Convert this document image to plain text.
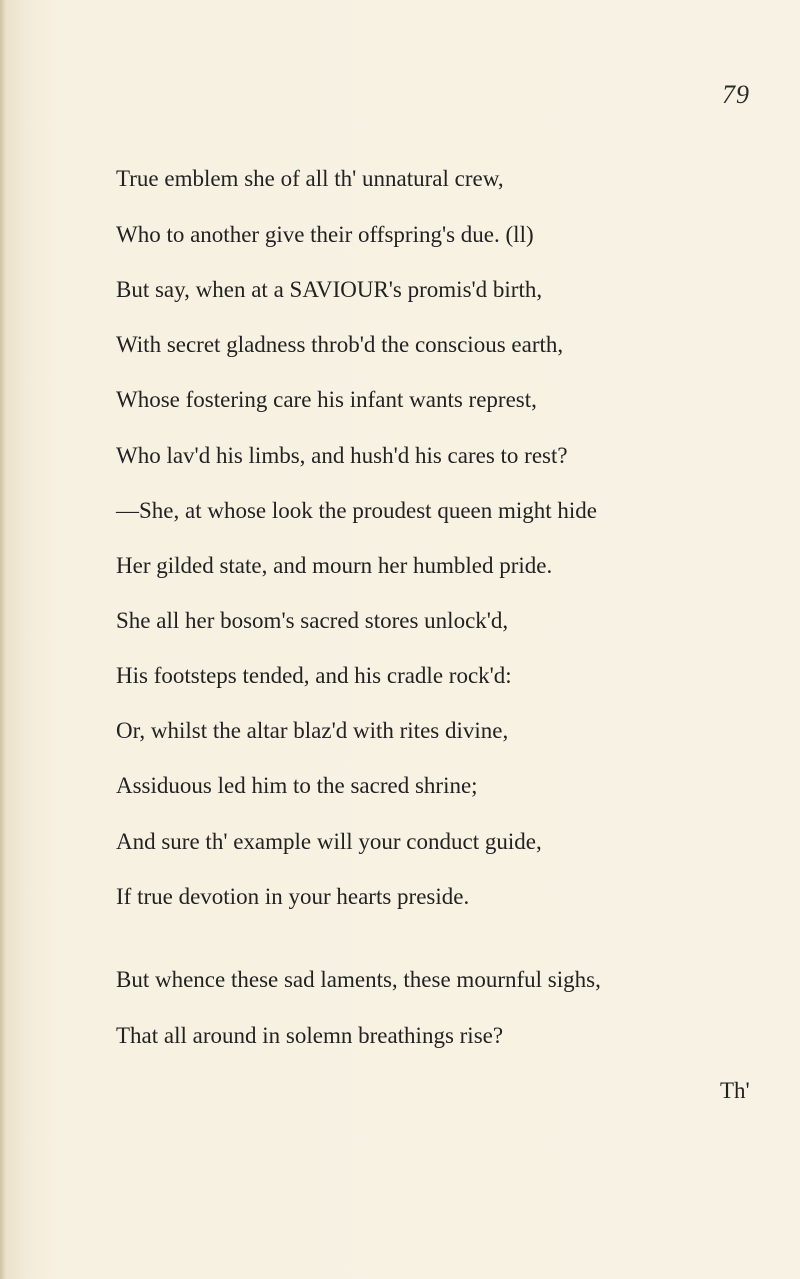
79
True emblem she of all th' unnatural crew,
Who to another give their offspring's due. (ll)
But say, when at a SAVIOUR's promis'd birth,
With secret gladness throb'd the conscious earth,
Whose fostering care his infant wants represt,
Who lav'd his limbs, and hush'd his cares to rest?
—She, at whose look the proudest queen might hide
Her gilded state, and mourn her humbled pride.
She all her bosom's sacred stores unlock'd,
His footsteps tended, and his cradle rock'd:
Or, whilst the altar blaz'd with rites divine,
Assiduous led him to the sacred shrine;
And sure th' example will your conduct guide,
If true devotion in your hearts preside.
But whence these sad laments, these mournful sighs,
That all around in solemn breathings rise?
Th'
